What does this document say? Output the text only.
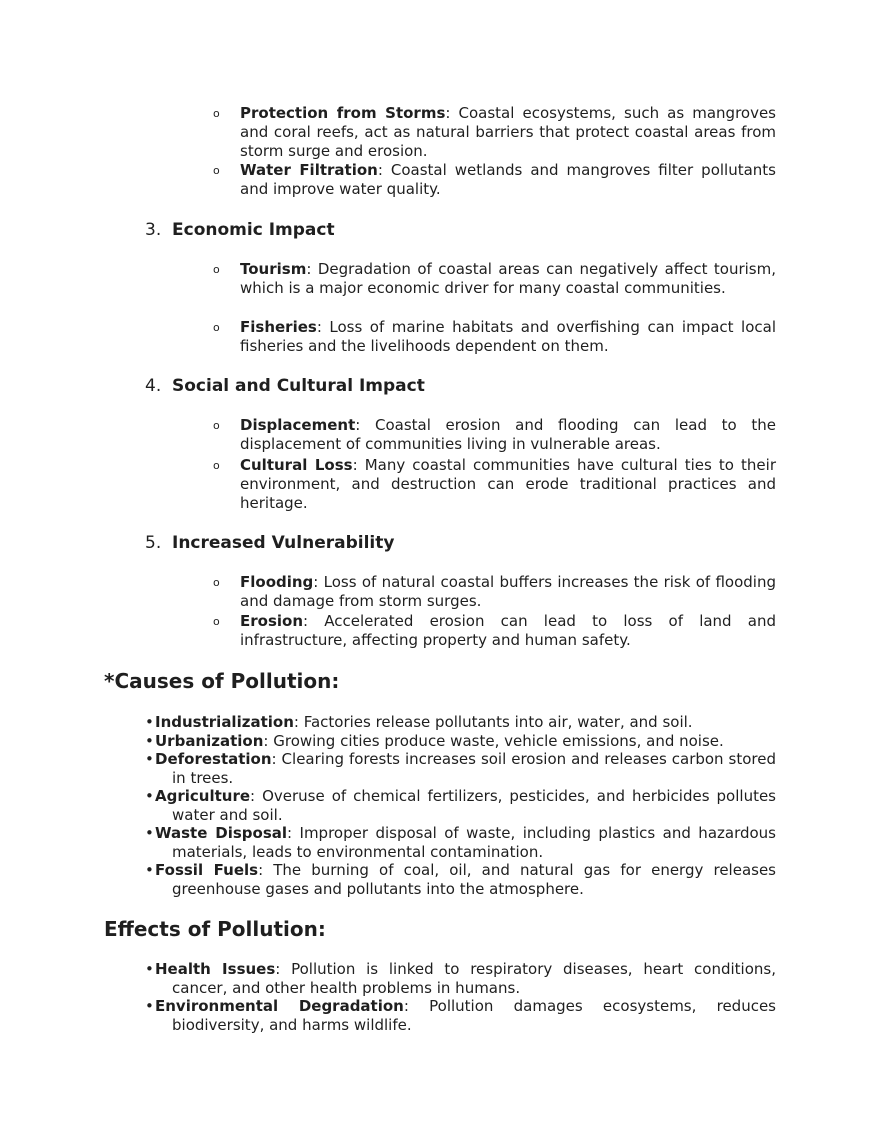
o Protection from Storms: Coastal ecosystems, such as mangroves and coral reefs, act as natural barriers that protect coastal areas from storm surge and erosion.
o Water Filtration: Coastal wetlands and mangroves filter pollutants and improve water quality.
3. Economic Impact
o Tourism: Degradation of coastal areas can negatively affect tourism, which is a major economic driver for many coastal communities.
o Fisheries: Loss of marine habitats and overfishing can impact local fisheries and the livelihoods dependent on them.
4. Social and Cultural Impact
o Displacement: Coastal erosion and flooding can lead to the displacement of communities living in vulnerable areas.
o Cultural Loss: Many coastal communities have cultural ties to their environment, and destruction can erode traditional practices and heritage.
5. Increased Vulnerability
o Flooding: Loss of natural coastal buffers increases the risk of flooding and damage from storm surges.
o Erosion: Accelerated erosion can lead to loss of land and infrastructure, affecting property and human safety.
*Causes of Pollution:
• Industrialization: Factories release pollutants into air, water, and soil.
• Urbanization: Growing cities produce waste, vehicle emissions, and noise.
• Deforestation: Clearing forests increases soil erosion and releases carbon stored in trees.
• Agriculture: Overuse of chemical fertilizers, pesticides, and herbicides pollutes water and soil.
• Waste Disposal: Improper disposal of waste, including plastics and hazardous materials, leads to environmental contamination.
• Fossil Fuels: The burning of coal, oil, and natural gas for energy releases greenhouse gases and pollutants into the atmosphere.
Effects of Pollution:
• Health Issues: Pollution is linked to respiratory diseases, heart conditions, cancer, and other health problems in humans.
• Environmental Degradation: Pollution damages ecosystems, reduces biodiversity, and harms wildlife.
